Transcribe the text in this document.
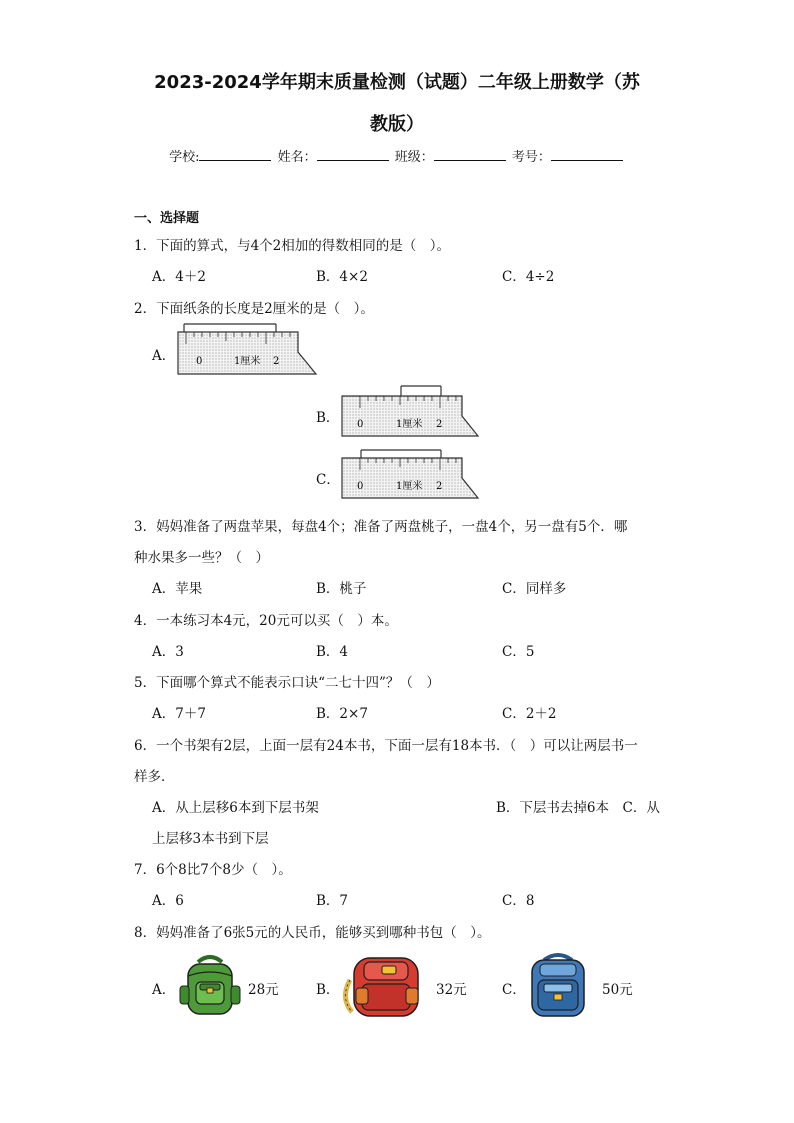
2023-2024学年期末质量检测（试题）二年级上册数学（苏
教版）
学校:	姓名：	班级：	考号：
一、选择题
1．下面的算式，与4个2相加的得数相同的是（　）。
A．4＋2	B．4×2	C．4÷2
2．下面纸条的长度是2厘米的是（　）。
A．
B．
C．
0	1厘米 2
0	1厘米 2
0	1厘米 2
3．妈妈准备了两盘苹果，每盘4个；准备了两盘桃子，一盘4个，另一盘有5个．哪
种水果多一些？（　）
A．苹果	B．桃子	C．同样多
4．一本练习本4元，20元可以买（　）本。
A．3	B．4	C．5
5．下面哪个算式不能表示口诀“二七十四”？（　）
A．7＋7	B．2×7	C．2＋2
6．一个书架有2层，上面一层有24本书，下面一层有18本书．（　）可以让两层书一
样多．
A．从上层移6本到下层书架	B．下层书去掉6本　C．从
上层移3本书到下层
7．6个8比7个8少（　）。
A．6	B．7	C．8
8．妈妈准备了6张5元的人民币，能够买到哪种书包（　）。
A．	B．	C．
28元	32元	50元
